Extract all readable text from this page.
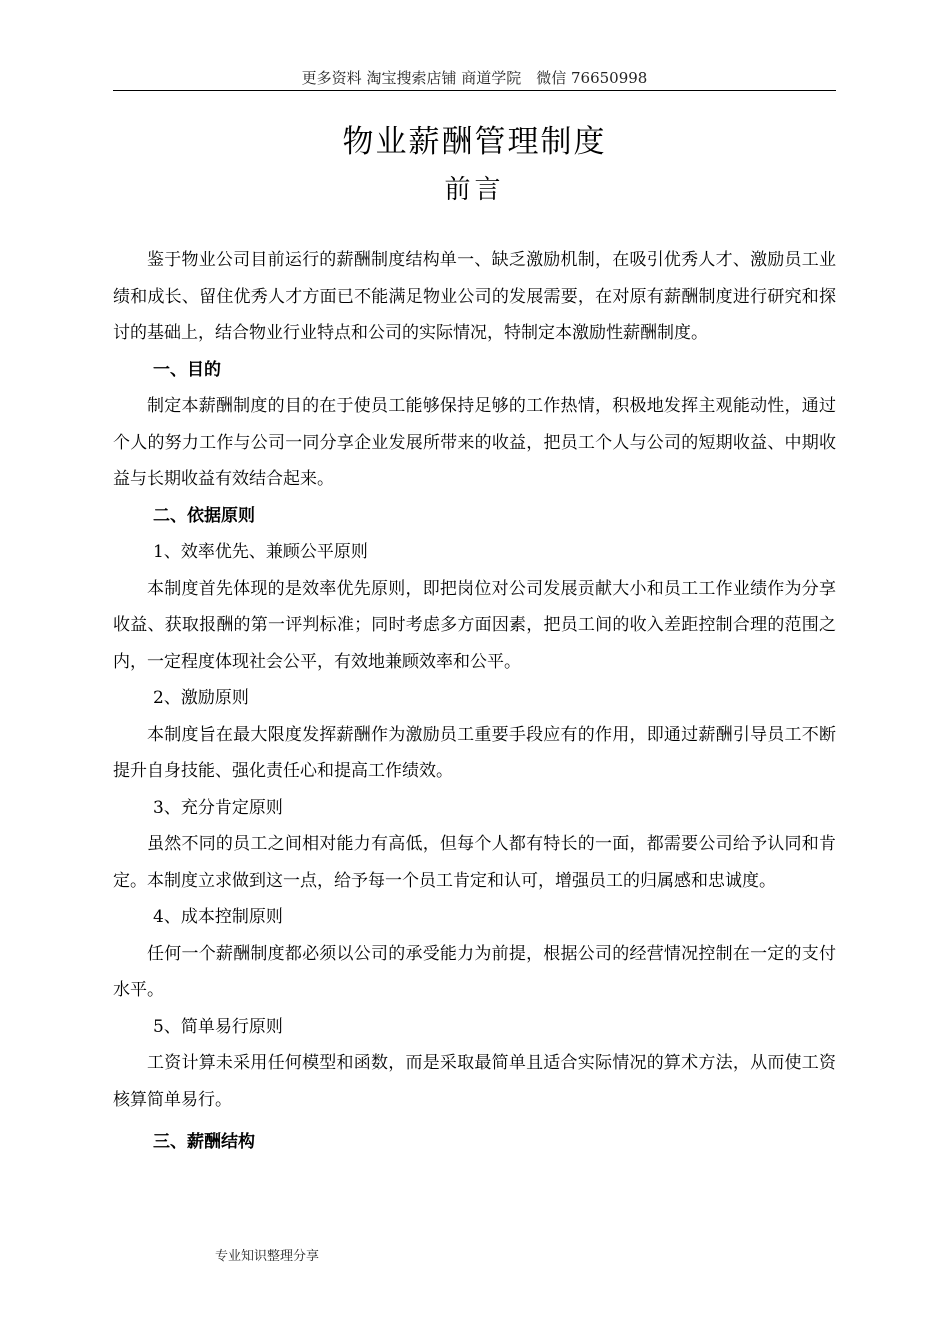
更多资料 淘宝搜索店铺 商道学院　微信 76650998
物业薪酬管理制度
前言

鉴于物业公司目前运行的薪酬制度结构单一、缺乏激励机制，在吸引优秀人才、激励员工业绩和成长、留住优秀人才方面已不能满足物业公司的发展需要，在对原有薪酬制度进行研究和探讨的基础上，结合物业行业特点和公司的实际情况，特制定本激励性薪酬制度。

一、目的

制定本薪酬制度的目的在于使员工能够保持足够的工作热情，积极地发挥主观能动性，通过个人的努力工作与公司一同分享企业发展所带来的收益，把员工个人与公司的短期收益、中期收益与长期收益有效结合起来。

二、依据原则

1、效率优先、兼顾公平原则

本制度首先体现的是效率优先原则，即把岗位对公司发展贡献大小和员工工作业绩作为分享收益、获取报酬的第一评判标准；同时考虑多方面因素，把员工间的收入差距控制合理的范围之内，一定程度体现社会公平，有效地兼顾效率和公平。

2、激励原则

本制度旨在最大限度发挥薪酬作为激励员工重要手段应有的作用，即通过薪酬引导员工不断提升自身技能、强化责任心和提高工作绩效。

3、充分肯定原则

虽然不同的员工之间相对能力有高低，但每个人都有特长的一面，都需要公司给予认同和肯定。本制度立求做到这一点，给予每一个员工肯定和认可，增强员工的归属感和忠诚度。

4、成本控制原则

任何一个薪酬制度都必须以公司的承受能力为前提，根据公司的经营情况控制在一定的支付水平。

5、简单易行原则

工资计算未采用任何模型和函数，而是采取最简单且适合实际情况的算术方法，从而使工资核算简单易行。

三、薪酬结构

专业知识整理分享
